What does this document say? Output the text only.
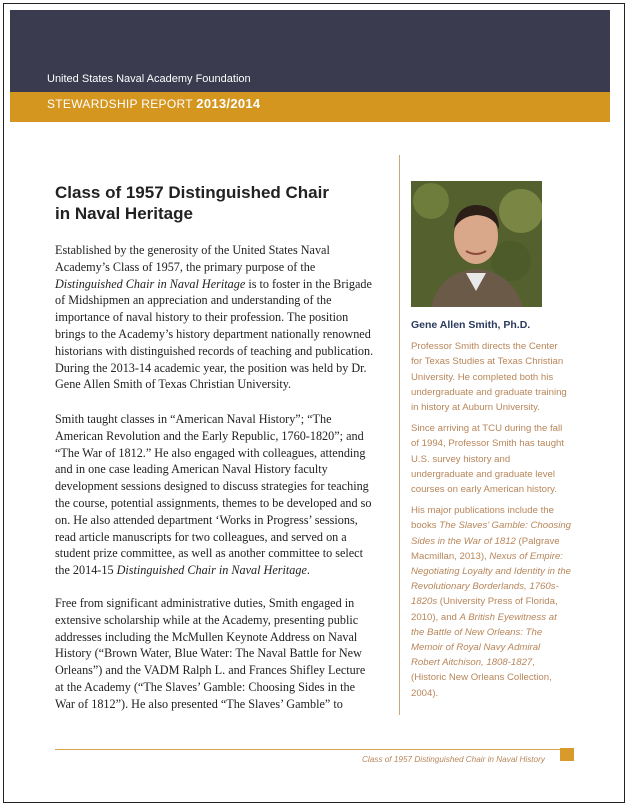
United States Naval Academy Foundation
STEWARDSHIP REPORT 2013/2014
Class of 1957 Distinguished Chair
in Naval Heritage

Established by the generosity of the United States Naval Academy’s Class of 1957, the primary purpose of the Distinguished Chair in Naval Heritage is to foster in the Brigade of Midshipmen an appreciation and understanding of the importance of naval history to their profession. The position brings to the Academy’s history department nationally renowned historians with distinguished records of teaching and publication. During the 2013-14 academic year, the position was held by Dr. Gene Allen Smith of Texas Christian University.

Smith taught classes in “American Naval History”; “The American Revolution and the Early Republic, 1760-1820”; and “The War of 1812.” He also engaged with colleagues, attending and in one case leading American Naval History faculty development sessions designed to discuss strategies for teaching the course, potential assignments, themes to be developed and so on. He also attended department ‘Works in Progress’ sessions, read article manuscripts for two colleagues, and served on a student prize committee, as well as another committee to select the 2014-15 Distinguished Chair in Naval Heritage.

Free from significant administrative duties, Smith engaged in extensive scholarship while at the Academy, presenting public addresses including the McMullen Keynote Address on Naval History (“Brown Water, Blue Water: The Naval Battle for New Orleans”) and the VADM Ralph L. and Frances Shifley Lecture at the Academy (“The Slaves’ Gamble: Choosing Sides in the War of 1812”). He also presented “The Slaves’ Gamble” to

Gene Allen Smith, Ph.D.

Professor Smith directs the Center for Texas Studies at Texas Christian University. He completed both his undergraduate and graduate training in history at Auburn University.

Since arriving at TCU during the fall of 1994, Professor Smith has taught U.S. survey history and undergraduate and graduate level courses on early American history.

His major publications include the books The Slaves’ Gamble: Choosing Sides in the War of 1812 (Palgrave Macmillan, 2013), Nexus of Empire: Negotiating Loyalty and Identity in the Revolutionary Borderlands, 1760s-1820s (University Press of Florida, 2010), and A British Eyewitness at the Battle of New Orleans: The Memoir of Royal Navy Admiral Robert Aitchison, 1808-1827, (Historic New Orleans Collection, 2004).

Class of 1957 Distinguished Chair in Naval History
